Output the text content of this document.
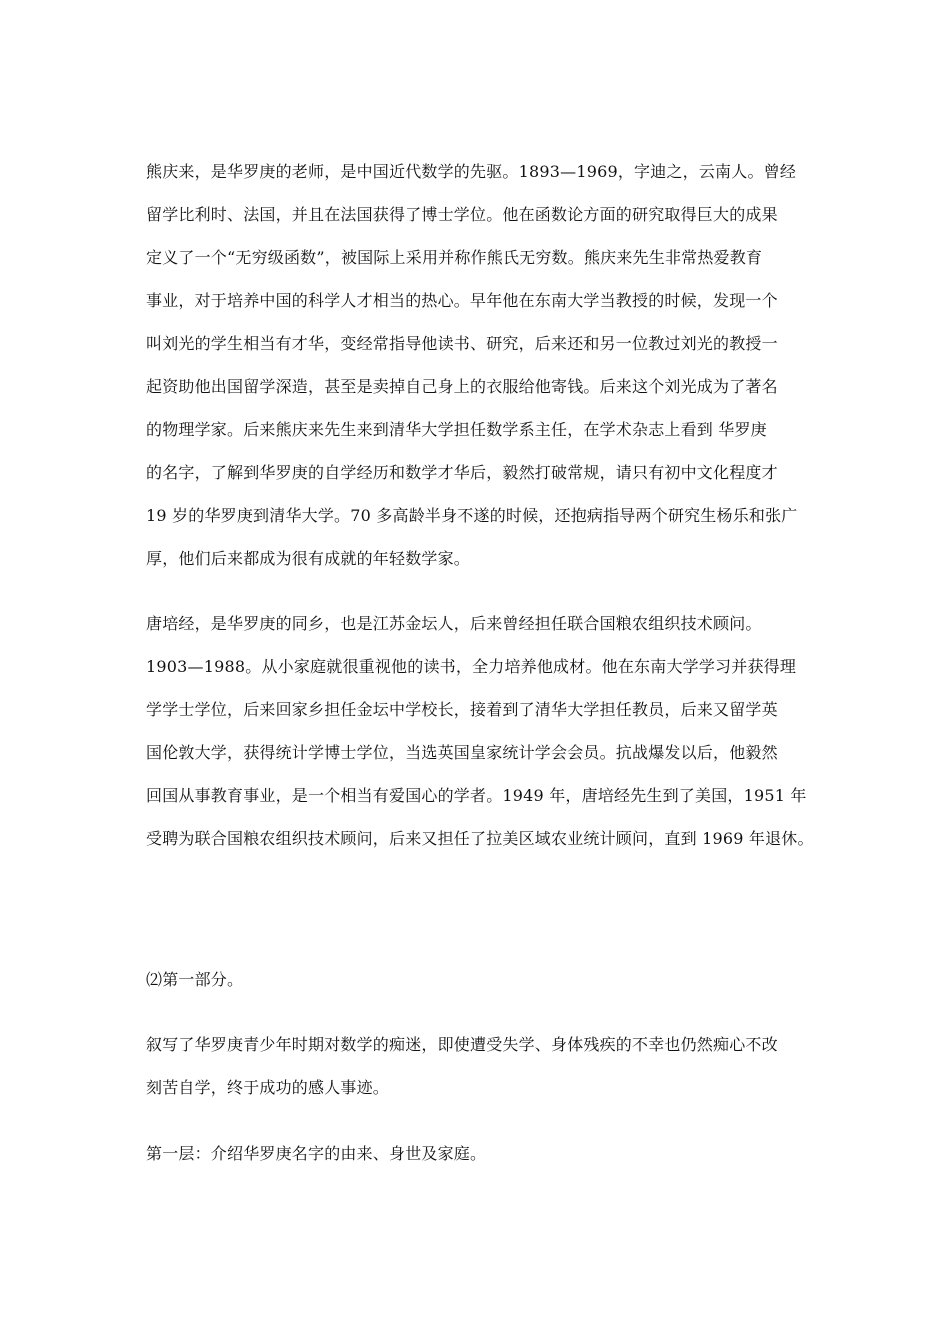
熊庆来，是华罗庚的老师，是中国近代数学的先驱。1893—1969，字迪之，云南人。曾经
留学比利时、法国，并且在法国获得了博士学位。他在函数论方面的研究取得巨大的成果
定义了一个“无穷级函数”，被国际上采用并称作熊氏无穷数。熊庆来先生非常热爱教育
事业，对于培养中国的科学人才相当的热心。早年他在东南大学当教授的时候，发现一个
叫刘光的学生相当有才华，变经常指导他读书、研究，后来还和另一位教过刘光的教授一
起资助他出国留学深造，甚至是卖掉自己身上的衣服给他寄钱。后来这个刘光成为了著名
的物理学家。后来熊庆来先生来到清华大学担任数学系主任，在学术杂志上看到 华罗庚
的名字，了解到华罗庚的自学经历和数学才华后，毅然打破常规，请只有初中文化程度才
19 岁的华罗庚到清华大学。70 多高龄半身不遂的时候，还抱病指导两个研究生杨乐和张广
厚，他们后来都成为很有成就的年轻数学家。
唐培经，是华罗庚的同乡，也是江苏金坛人，后来曾经担任联合国粮农组织技术顾问。
1903—1988。从小家庭就很重视他的读书，全力培养他成材。他在东南大学学习并获得理
学学士学位，后来回家乡担任金坛中学校长，接着到了清华大学担任教员，后来又留学英
国伦敦大学，获得统计学博士学位，当选英国皇家统计学会会员。抗战爆发以后，他毅然
回国从事教育事业，是一个相当有爱国心的学者。1949 年，唐培经先生到了美国，1951 年
受聘为联合国粮农组织技术顾问，后来又担任了拉美区域农业统计顾问，直到 1969 年退休。
⑵第一部分。
叙写了华罗庚青少年时期对数学的痴迷，即使遭受失学、身体残疾的不幸也仍然痴心不改
刻苦自学，终于成功的感人事迹。
第一层：介绍华罗庚名字的由来、身世及家庭。
